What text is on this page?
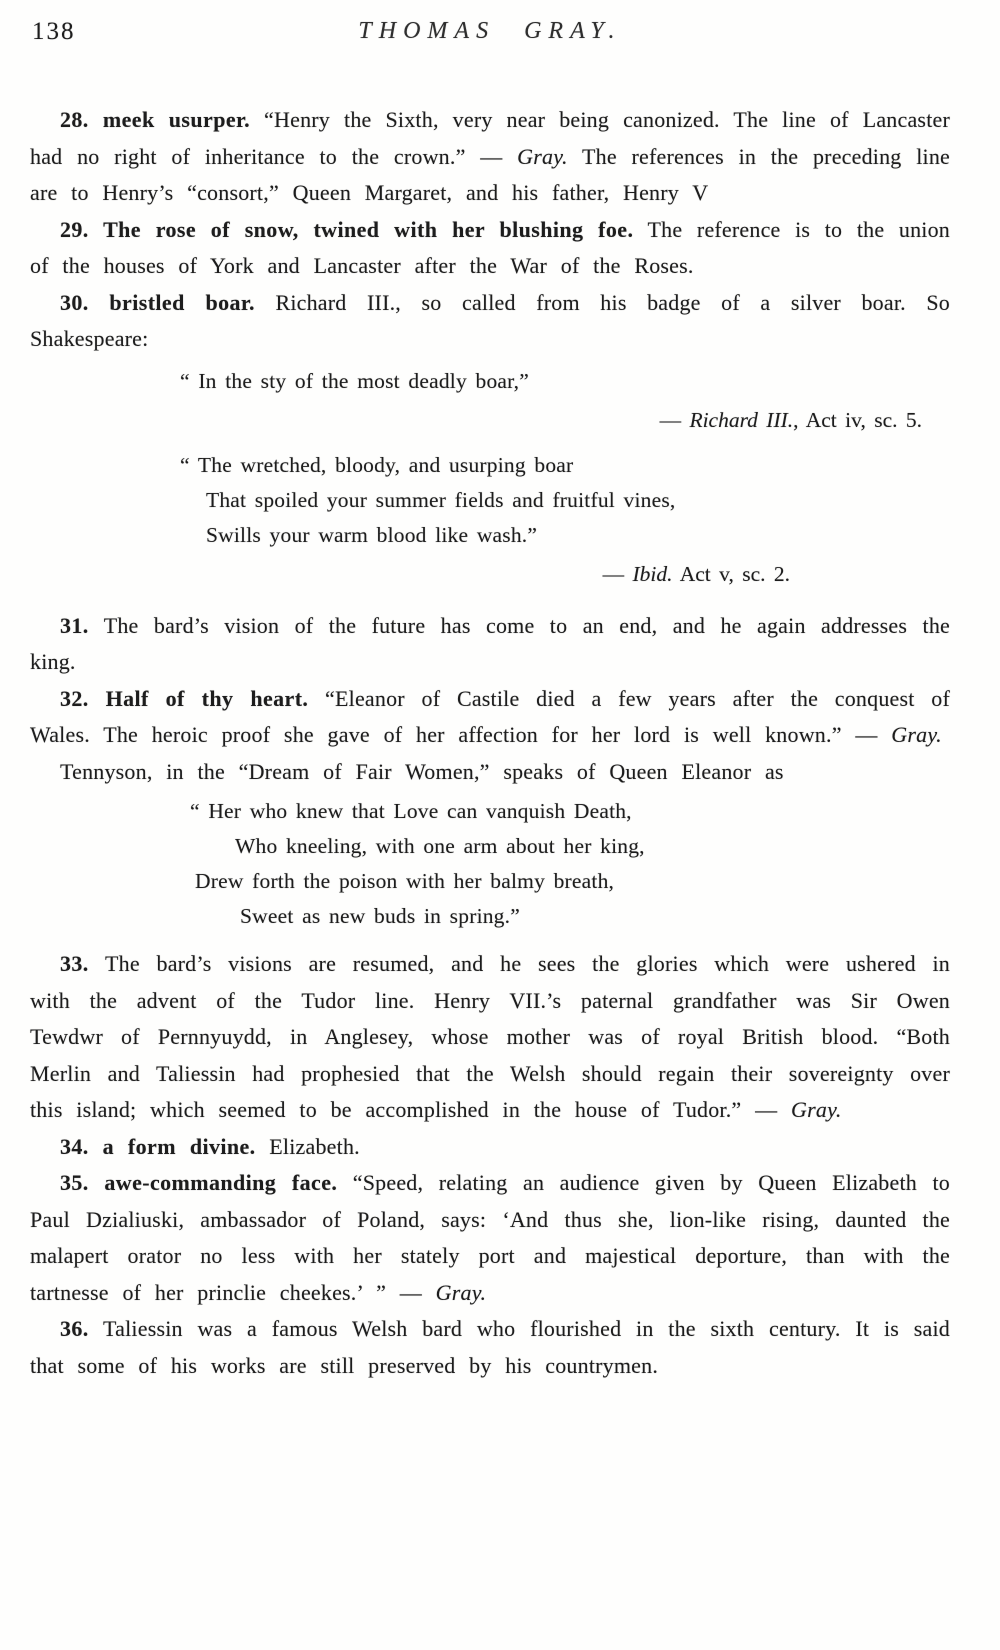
138	THOMAS GRAY.

28. meek usurper. “Henry the Sixth, very near being canonized. The line of Lancaster had no right of inheritance to the crown.” — Gray. The references in the preceding line are to Henry’s “consort,” Queen Margaret, and his father, Henry V

29. The rose of snow, twined with her blushing foe. The reference is to the union of the houses of York and Lancaster after the War of the Roses.

30. bristled boar. Richard III., so called from his badge of a silver boar. So Shakespeare:

“ In the sty of the most deadly boar,”

— Richard III., Act iv, sc. 5.

“ The wretched, bloody, and usurping boar

That spoiled your summer fields and fruitful vines,

Swills your warm blood like wash.”

— Ibid. Act v, sc. 2.

31. The bard’s vision of the future has come to an end, and he again addresses the king.

32. Half of thy heart. “Eleanor of Castile died a few years after the conquest of Wales. The heroic proof she gave of her affection for her lord is well known.” — Gray.

Tennyson, in the “Dream of Fair Women,” speaks of Queen Eleanor as

“ Her who knew that Love can vanquish Death,

Who kneeling, with one arm about her king,

Drew forth the poison with her balmy breath,

Sweet as new buds in spring.”

33. The bard’s visions are resumed, and he sees the glories which were ushered in with the advent of the Tudor line. Henry VII.’s paternal grandfather was Sir Owen Tewdwr of Pernnyuydd, in Anglesey, whose mother was of royal British blood. “Both Merlin and Taliessin had prophesied that the Welsh should regain their sovereignty over this island; which seemed to be accomplished in the house of Tudor.” — Gray.

34. a form divine. Elizabeth.

35. awe-commanding face. “Speed, relating an audience given by Queen Elizabeth to Paul Dzialiuski, ambassador of Poland, says: ‘And thus she, lion-like rising, daunted the malapert orator no less with her stately port and majestical deporture, than with the tartnesse of her princlie cheekes.’ ” — Gray.

36. Taliessin was a famous Welsh bard who flourished in the sixth century. It is said that some of his works are still preserved by his countrymen.
